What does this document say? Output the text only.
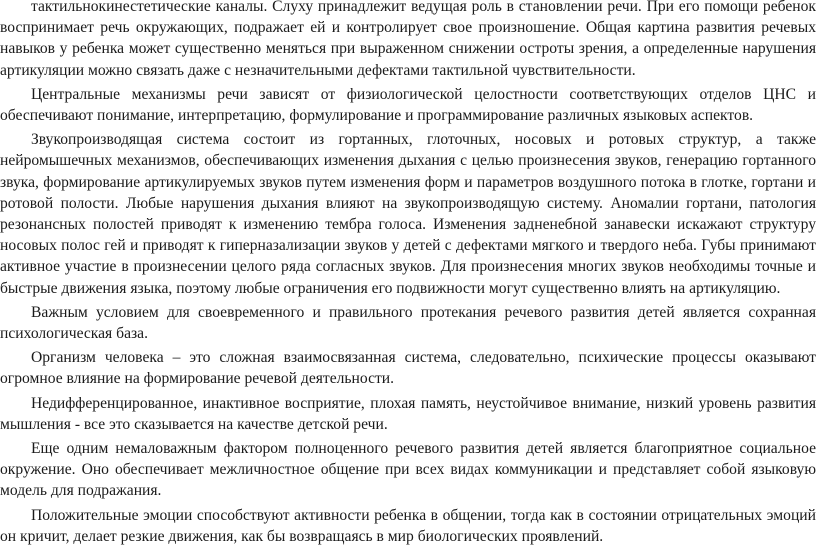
тактильнокинестетические каналы. Слуху принадлежит ведущая роль в становлении речи. При его помощи ребенок воспринимает речь окружающих, подражает ей и контролирует свое произношение. Общая картина развития речевых навыков у ребенка может существенно меняться при выраженном снижении остроты зрения, а определенные нарушения артикуляции можно связать даже с незначительными дефектами тактильной чувствительности.

Центральные механизмы речи зависят от физиологической целостности соответствующих отделов ЦНС и обеспечивают понимание, интерпретацию, формулирование и программирование различных языковых аспектов.

Звукопроизводящая система состоит из гортанных, глоточных, носовых и ротовых структур, а также нейромышечных механизмов, обеспечивающих изменения дыхания с целью произнесения звуков, генерацию гортанного звука, формирование артикулируемых звуков путем изменения форм и параметров воздушного потока в глотке, гортани и ротовой полости. Любые нарушения дыхания влияют на звукопроизводящую систему. Аномалии гортани, патология резонансных полостей приводят к изменению тембра голоса. Изменения задненебной занавески искажают структуру носовых полос гей и приводят к гиперназализации звуков у детей с дефектами мягкого и твердого неба. Губы принимают активное участие в произнесении целого ряда согласных звуков. Для произнесения многих звуков необходимы точные и быстрые движения языка, поэтому любые ограничения его подвижности могут существенно влиять на артикуляцию.

Важным условием для своевременного и правильного протекания речевого развития детей является сохранная психологическая база.

Организм человека – это сложная взаимосвязанная система, следовательно, психические процессы оказывают огромное влияние на формирование речевой деятельности.

Недифференцированное, инактивное восприятие, плохая память, неустойчивое внимание, низкий уровень развития мышления - все это сказывается на качестве детской речи.

Еще одним немаловажным фактором полноценного речевого развития детей является благоприятное социальное окружение. Оно обеспечивает межличностное общение при всех видах коммуникации и представляет собой языковую модель для подражания.

Положительные эмоции способствуют активности ребенка в общении, тогда как в состоянии отрицательных эмоций он кричит, делает резкие движения, как бы возвращаясь в мир биологических проявлений.
